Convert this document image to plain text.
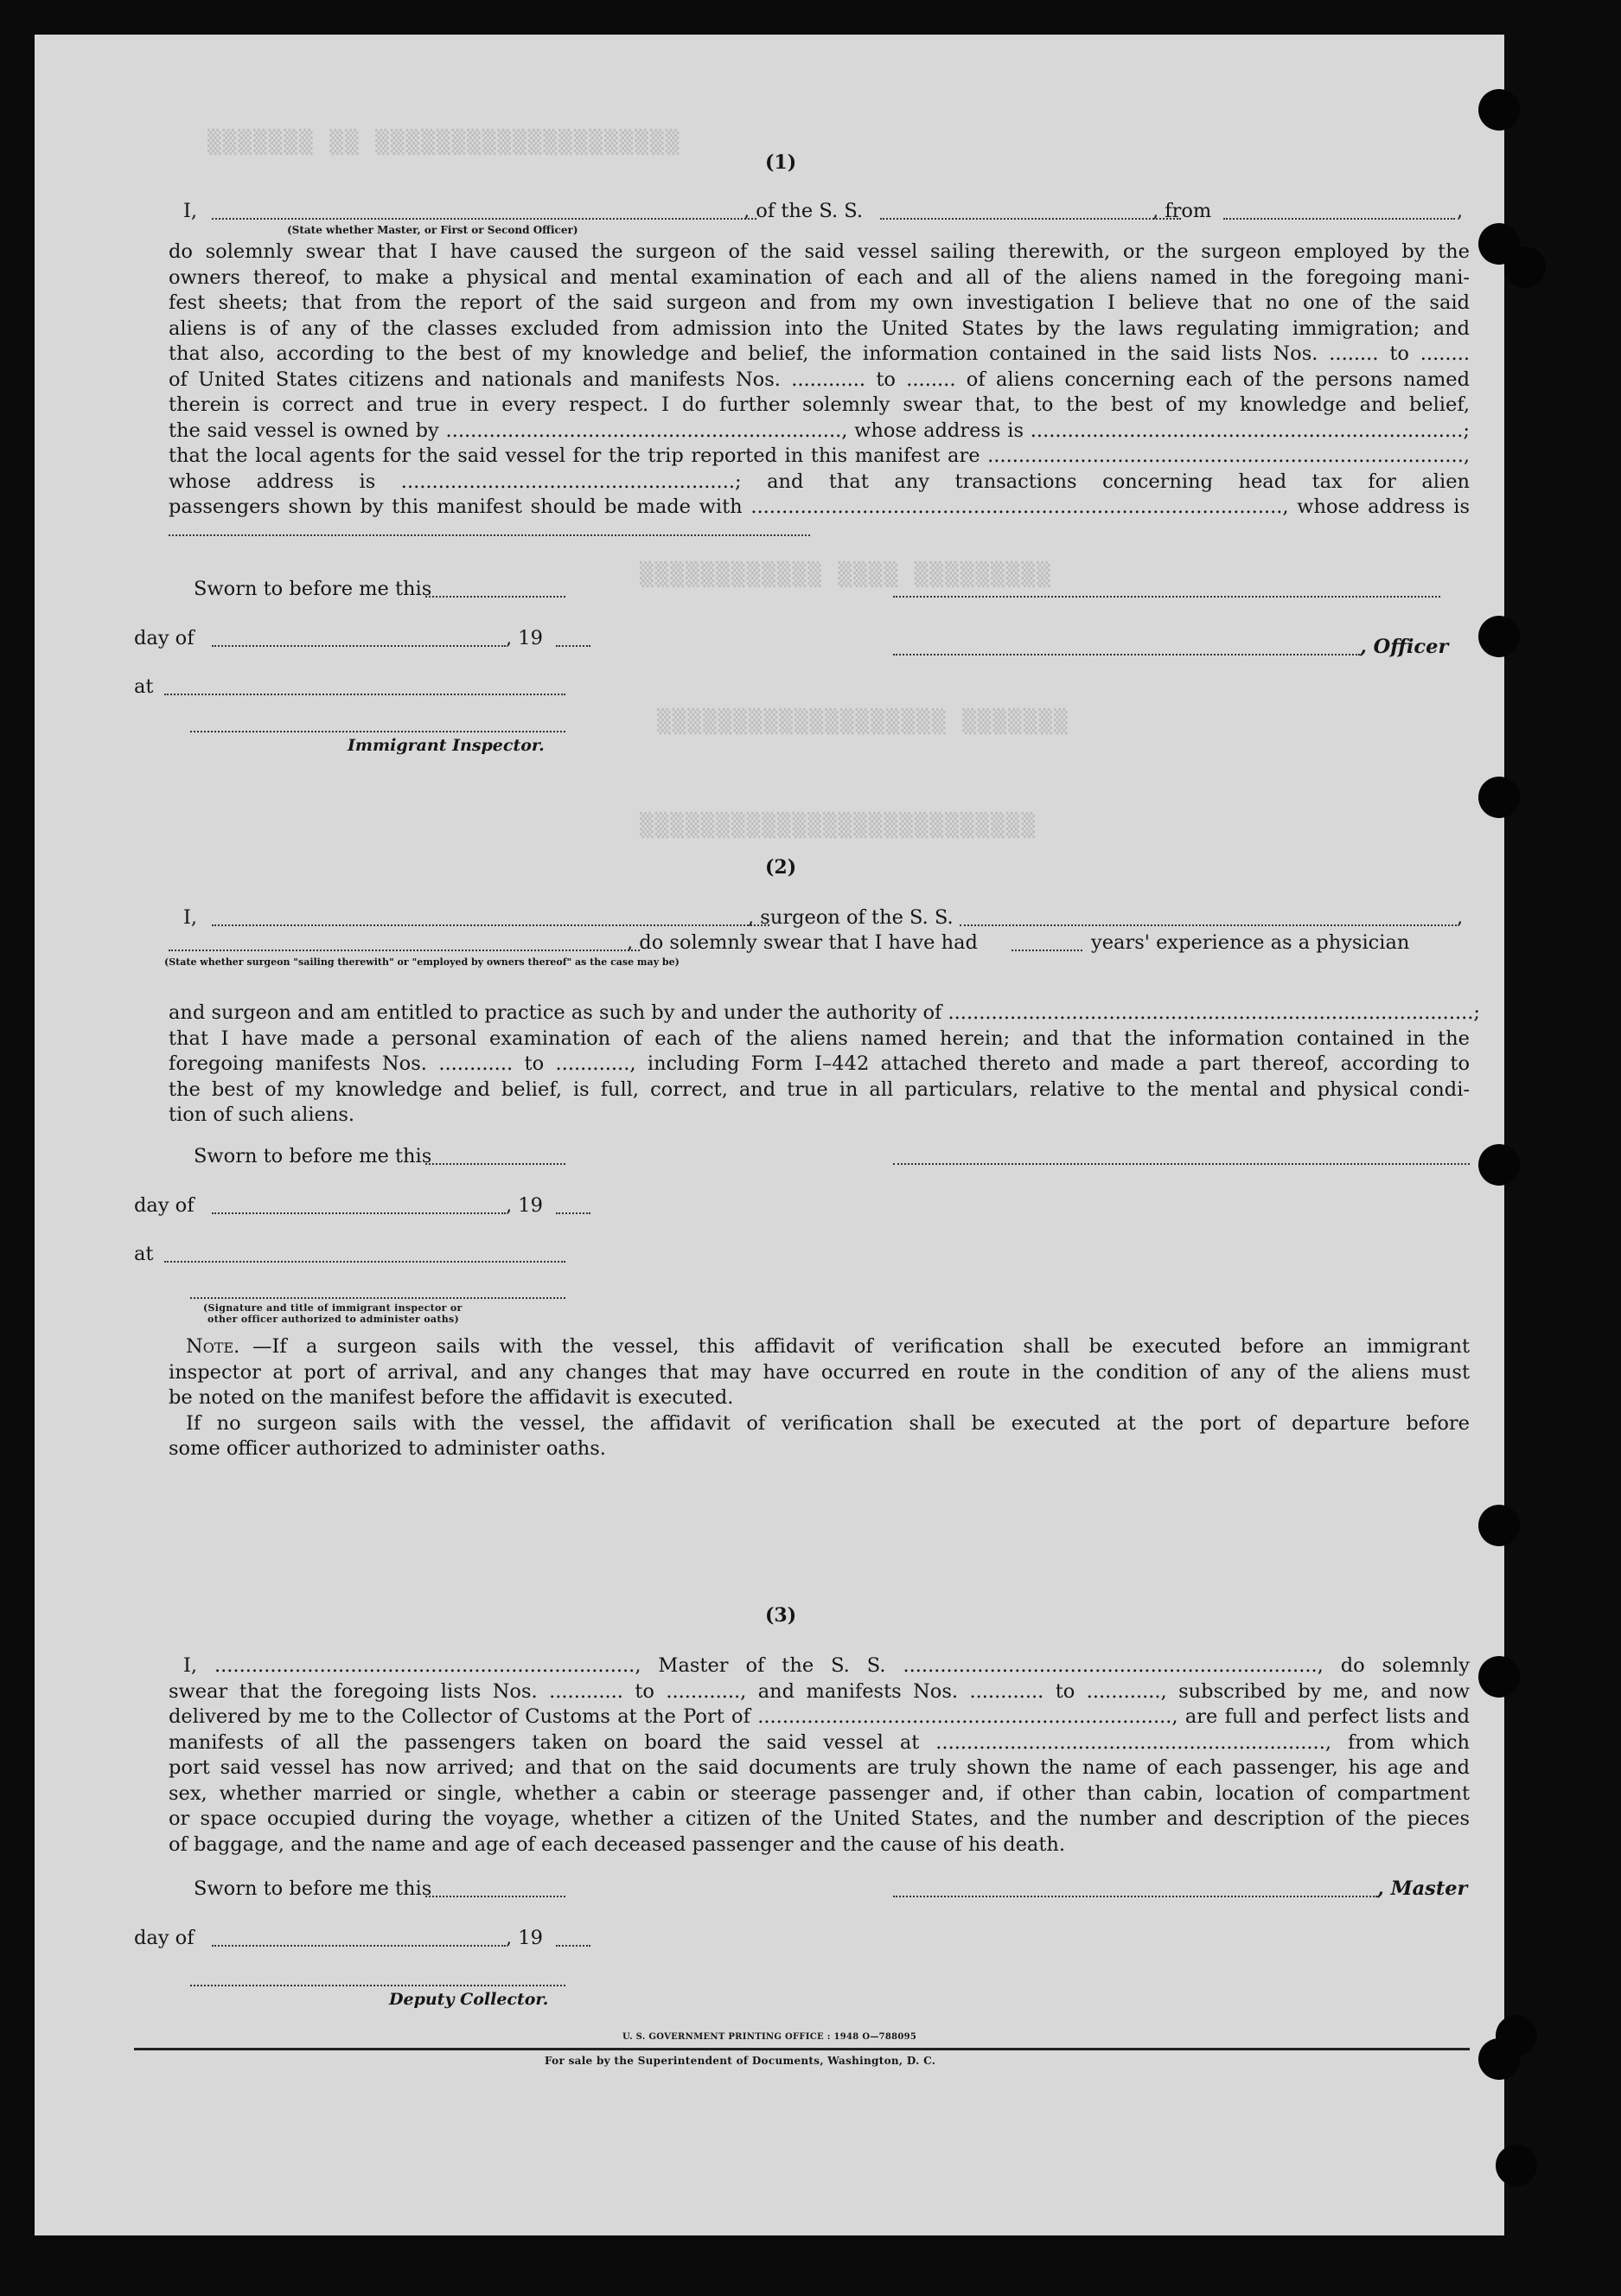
▒▒▒▒▒▒▒ ▒▒ ▒▒▒▒▒▒▒▒▒▒▒▒▒▒▒▒▒▒▒▒
▒▒▒▒▒▒▒▒▒▒▒▒ ▒▒▒▒ ▒▒▒▒▒▒▒▒▒
▒▒▒▒▒▒▒▒▒▒▒▒▒▒▒▒▒▒▒ ▒▒▒▒▒▒▒
▒▒▒▒▒▒▒▒▒▒▒▒▒▒▒▒▒▒▒▒▒▒▒▒▒▒
(1)
I,	, of the S. S.	, from	,
(State whether Master, or First or Second Officer)
do solemnly swear that I have caused the surgeon of the said vessel sailing therewith, or the surgeon employed by the
owners thereof, to make a physical and mental examination of each and all of the aliens named in the foregoing mani-
fest sheets; that from the report of the said surgeon and from my own investigation I believe that no one of the said
aliens is of any of the classes excluded from admission into the United States by the laws regulating immigration; and
that also, according to the best of my knowledge and belief, the information contained in the said lists Nos. ........ to ........
of United States citizens and nationals and manifests Nos. ............ to ........ of aliens concerning each of the persons named
therein is correct and true in every respect. I do further solemnly swear that, to the best of my knowledge and belief,
the said vessel is owned by ................................................................, whose address is ......................................................................;
that the local agents for the said vessel for the trip reported in this manifest are .............................................................................,
whose address is ......................................................; and that any transactions concerning head tax for alien
passengers shown by this manifest should be made with ......................................................................................, whose address is
Sworn to before me this
day of	, 19	, Officer
at
Immigrant Inspector.
(2)
I,	, surgeon of the S. S.	,
, do solemnly swear that I have had	years' experience as a physician
(State whether surgeon "sailing therewith" or "employed by owners thereof" as the case may be)
and surgeon and am entitled to practice as such by and under the authority of .....................................................................................;
that I have made a personal examination of each of the aliens named herein; and that the information contained in the
foregoing manifests Nos. ............ to ............, including Form I–442 attached thereto and made a part thereof, according to
the best of my knowledge and belief, is full, correct, and true in all particulars, relative to the mental and physical condi-
tion of such aliens.
Sworn to before me this
day of	, 19
at
(Signature and title of immigrant inspector or
other officer authorized to administer oaths)
Note. —If a surgeon sails with the vessel, this affidavit of verification shall be executed before an immigrant
inspector at port of arrival, and any changes that may have occurred en route in the condition of any of the aliens must
be noted on the manifest before the affidavit is executed.
If no surgeon sails with the vessel, the affidavit of verification shall be executed at the port of departure before
some officer authorized to administer oaths.
(3)
I, ...................................................................., Master of the S. S. ..................................................................., do solemnly
swear that the foregoing lists Nos. ............ to ............, and manifests Nos. ............ to ............, subscribed by me, and now
delivered by me to the Collector of Customs at the Port of ..................................................................., are full and perfect lists and
manifests of all the passengers taken on board the said vessel at ..............................................................., from which
port said vessel has now arrived; and that on the said documents are truly shown the name of each passenger, his age and
sex, whether married or single, whether a cabin or steerage passenger and, if other than cabin, location of compartment
or space occupied during the voyage, whether a citizen of the United States, and the number and description of the pieces
of baggage, and the name and age of each deceased passenger and the cause of his death.
Sworn to before me this	, Master
day of	, 19
Deputy Collector.
U. S. GOVERNMENT PRINTING OFFICE : 1948 O—788095
For sale by the Superintendent of Documents, Washington, D. C.
